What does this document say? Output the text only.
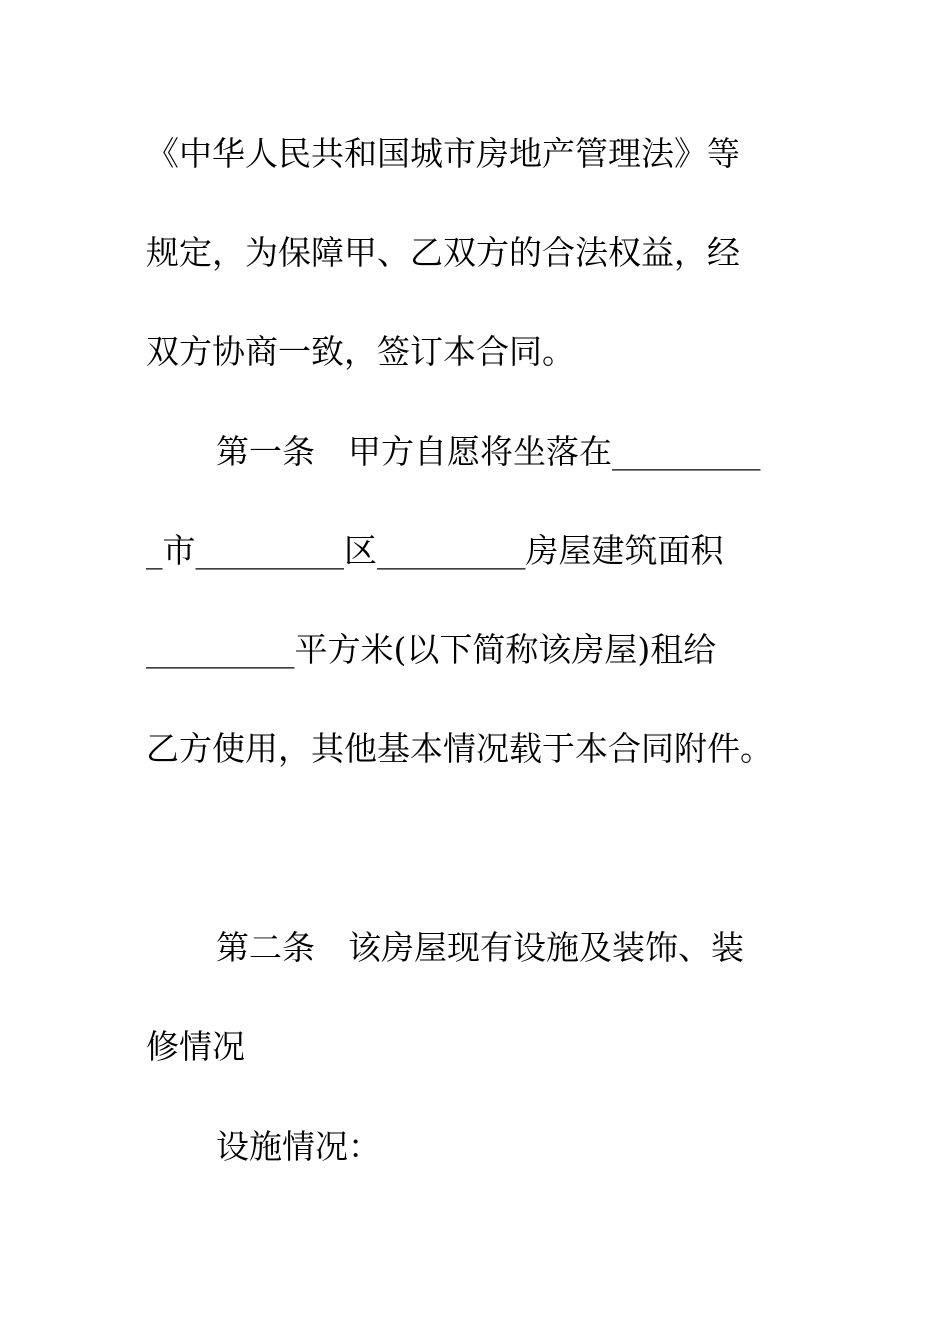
《中华人民共和国城市房地产管理法》等
规定，为保障甲、乙双方的合法权益，经
双方协商一致，签订本合同。
第一条　甲方自愿将坐落在_________
_市_________区_________房屋建筑面积
_________平方米(以下简称该房屋)租给
乙方使用，其他基本情况载于本合同附件。
第二条　该房屋现有设施及装饰、装
修情况
设施情况：
